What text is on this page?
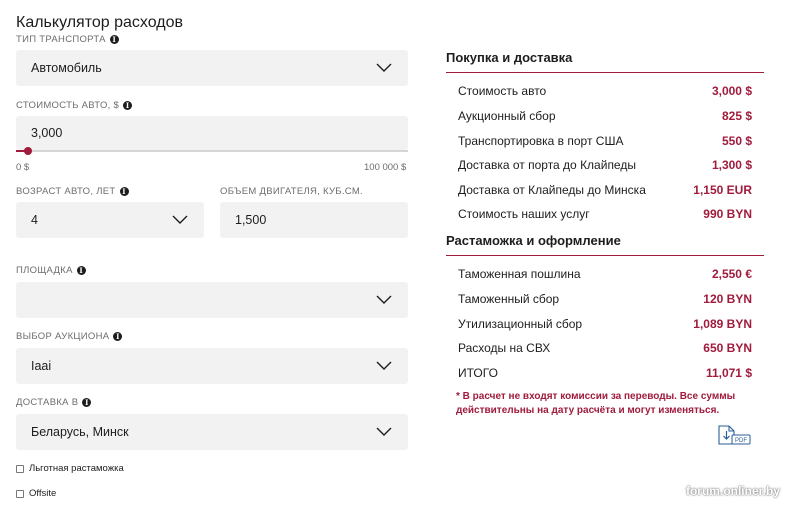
Калькулятор расходов
ТИП ТРАНСПОРТА I
Автомобиль
СТОИМОСТЬ АВТО, $ I
3,000
0 $	100 000 $
ВОЗРАСТ АВТО, ЛЕТ I
4
ОБЪЕМ ДВИГАТЕЛЯ, КУБ.СМ.
1,500
ПЛОЩАДКА I
ВЫБОР АУКЦИОНА I
Iaai
ДОСТАВКА В I
Беларусь, Минск
Льготная растаможка
Offsite
Покупка и доставка
Стоимость авто	3,000 $
Аукционный сбор	825 $
Транспортировка в порт США	550 $
Доставка от порта до Клайпеды	1,300 $
Доставка от Клайпеды до Минска	1,150 EUR
Стоимость наших услуг	990 BYN
Растаможка и оформление
Таможенная пошлина	2,550 €
Таможенный сбор	120 BYN
Утилизационный сбор	1,089 BYN
Расходы на СВХ	650 BYN
ИТОГО	11,071 $
* В расчет не входят комиссии за переводы. Все суммы действительны на дату расчёта и могут изменяться.
PDF
forum.onliner.by
